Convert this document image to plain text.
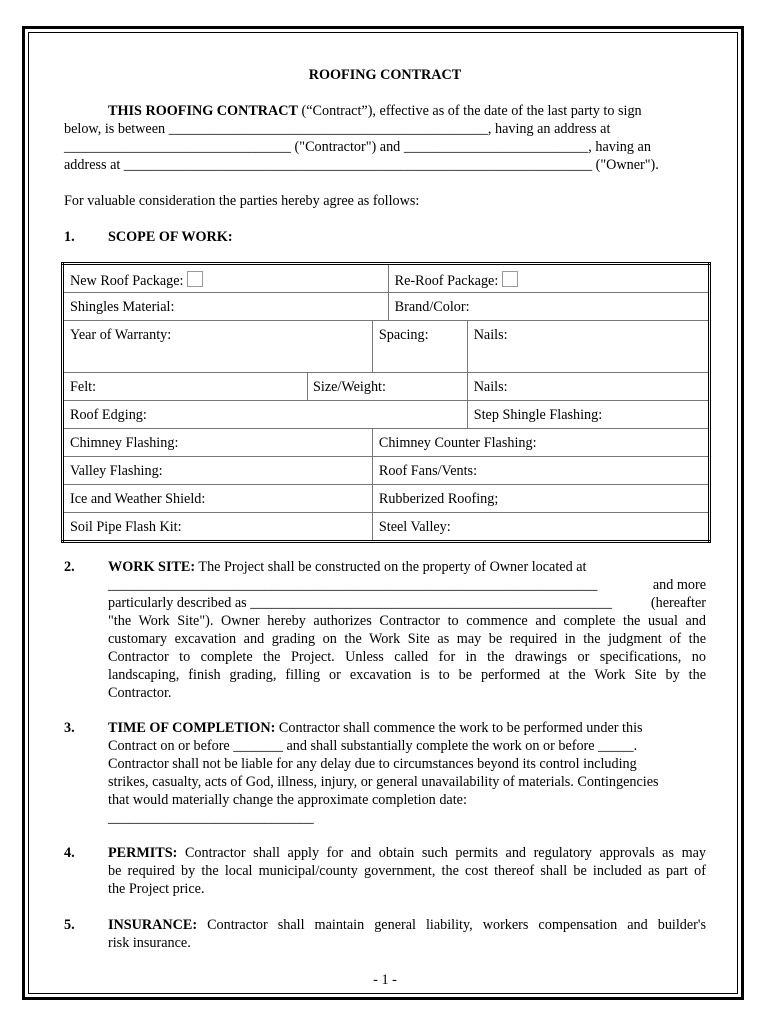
ROOFING CONTRACT
THIS ROOFING CONTRACT (“Contract”), effective as of the date of the last party to sign
below, is between _____________________________________________, having an address at
________________________________ ("Contractor") and __________________________, having an
address at __________________________________________________________________ ("Owner").
For valuable consideration the parties hereby agree as follows:
1. SCOPE OF WORK:
New Roof Package:			Re-Roof Package:	
Shingles Material:			Brand/Color:	
Year of Warranty:		Spacing:		Nails:
Felt:	Size/Weight:			Nails:
Roof Edging:				Step Shingle Flashing:
Chimney Flashing:		Chimney Counter Flashing:		
Valley Flashing:		Roof Fans/Vents:		
Ice and Weather Shield:		Rubberized Roofing;		
Soil Pipe Flash Kit:		Steel Valley:		
2. WORK SITE: The Project shall be constructed on the property of Owner located at
_____________________________________________________________________	and more
particularly described as ___________________________________________________	(hereafter
"the Work Site"). Owner hereby authorizes Contractor to commence and complete the usual and
customary excavation and grading on the Work Site as may be required in the judgment of the
Contractor to complete the Project. Unless called for in the drawings or specifications, no
landscaping, finish grading, filling or excavation is to be performed at the Work Site by the
Contractor.
3. TIME OF COMPLETION: Contractor shall commence the work to be performed under this
Contract on or before _______ and shall substantially complete the work on or before _____.
Contractor shall not be liable for any delay due to circumstances beyond its control including
strikes, casualty, acts of God, illness, injury, or general unavailability of materials. Contingencies
that would materially change the approximate completion date:
_____________________________
4. PERMITS: Contractor shall apply for and obtain such permits and regulatory approvals as may
be required by the local municipal/county government, the cost thereof shall be included as part of
the Project price.
5. INSURANCE: Contractor shall maintain general liability, workers compensation and builder's
risk insurance.
- 1 -
